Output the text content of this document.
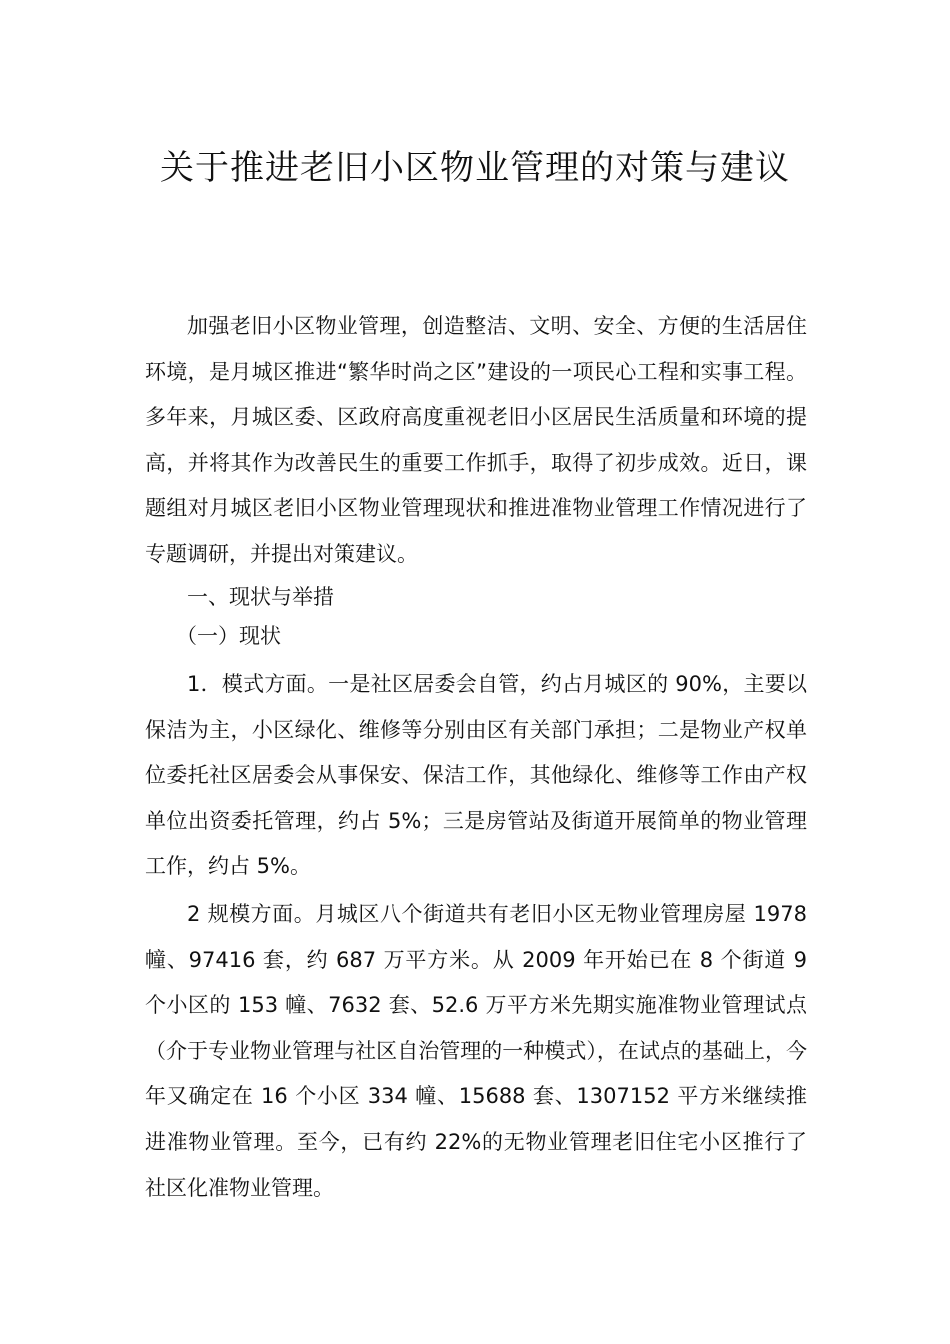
关于推进老旧小区物业管理的对策与建议

加强老旧小区物业管理，创造整洁、文明、安全、方便的生活居住环境，是月城区推进“繁华时尚之区”建设的一项民心工程和实事工程。多年来，月城区委、区政府高度重视老旧小区居民生活质量和环境的提高，并将其作为改善民生的重要工作抓手，取得了初步成效。近日，课题组对月城区老旧小区物业管理现状和推进准物业管理工作情况进行了专题调研，并提出对策建议。

一、现状与举措

（一）现状

1．模式方面。一是社区居委会自管，约占月城区的 90%，主要以保洁为主，小区绿化、维修等分别由区有关部门承担；二是物业产权单位委托社区居委会从事保安、保洁工作，其他绿化、维修等工作由产权单位出资委托管理，约占 5%；三是房管站及街道开展简单的物业管理工作，约占 5%。

2 规模方面。月城区八个街道共有老旧小区无物业管理房屋 1978 幢、97416 套，约 687 万平方米。从 2009 年开始已在 8 个街道 9 个小区的 153 幢、7632 套、52.6 万平方米先期实施准物业管理试点（介于专业物业管理与社区自治管理的一种模式），在试点的基础上，今年又确定在 16 个小区 334 幢、15688 套、1307152 平方米继续推进准物业管理。至今，已有约 22%的无物业管理老旧住宅小区推行了社区化准物业管理。
